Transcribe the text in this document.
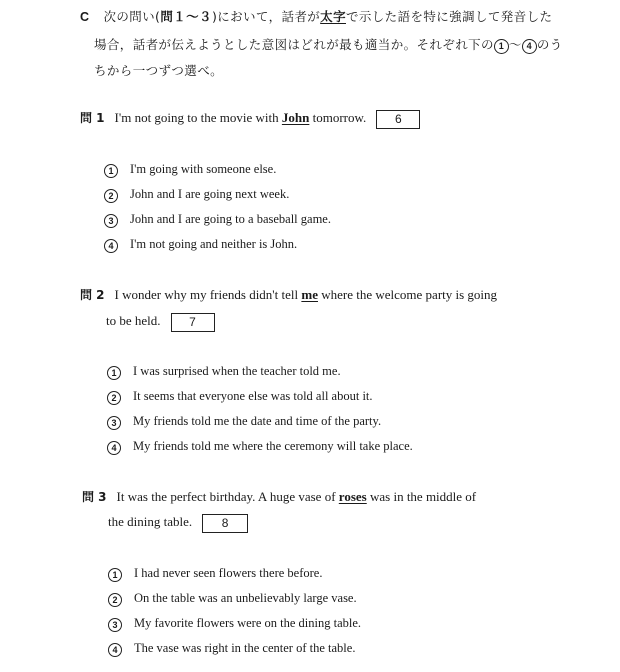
C 次の問い(問１～３)において，話者が太字で示した語を特に強調して発音した
場合，話者が伝えようとした意図はどれが最も適当か。それぞれ下の 1 ～ 4 のう
ちから一つずつ選べ。
問 1 I'm not going to the movie with John tomorrow. 6
1 I'm going with someone else.
2 John and I are going next week.
3 John and I are going to a baseball game.
4 I'm not going and neither is John.
問 2 I wonder why my friends didn't tell me where the welcome party is going
to be held. 7
1 I was surprised when the teacher told me.
2 It seems that everyone else was told all about it.
3 My friends told me the date and time of the party.
4 My friends told me where the ceremony will take place.
問 3 It was the perfect birthday. A huge vase of roses was in the middle of
the dining table. 8
1 I had never seen flowers there before.
2 On the table was an unbelievably large vase.
3 My favorite flowers were on the dining table.
4 The vase was right in the center of the table.
